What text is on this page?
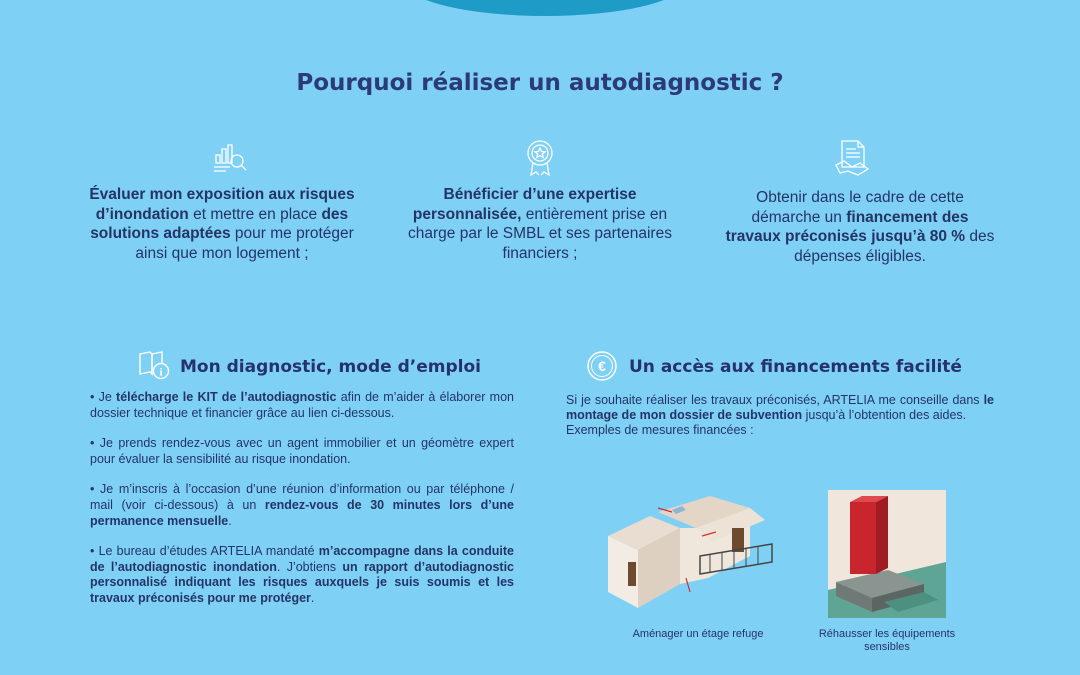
Pourquoi réaliser un autodiagnostic ?
Évaluer mon exposition aux risques d’inondation et mettre en place des solutions adaptées pour me protéger ainsi que mon logement ;
Bénéficier d’une expertise personnalisée, entièrement prise en charge par le SMBL et ses partenaires financiers ;
Obtenir dans le cadre de cette démarche un financement des travaux préconisés jusqu’à 80 % des dépenses éligibles.
i Mon diagnostic, mode d’emploi

• Je télécharge le KIT de l’autodiagnostic afin de m’aider à élaborer mon dossier technique et financier grâce au lien ci-dessous.

• Je prends rendez-vous avec un agent immobilier et un géomètre expert pour évaluer la sensibilité au risque inondation.

• Je m’inscris à l’occasion d’une réunion d’information ou par téléphone / mail (voir ci-dessous) à un rendez-vous de 30 minutes lors d’une permanence mensuelle.

• Le bureau d’études ARTELIA mandaté m’accompagne dans la conduite de l’autodiagnostic inondation. J’obtiens un rapport d’autodiagnostic personnalisé indiquant les risques auxquels je suis soumis et les travaux préconisés pour me protéger.

€ Un accès aux financements facilité
Si je souhaite réaliser les travaux préconisés, ARTELIA me conseille dans le montage de mon dossier de subvention jusqu’à l’obtention des aides.
Exemples de mesures financées :
Aménager un étage refuge	Réhausser les équipements sensibles
